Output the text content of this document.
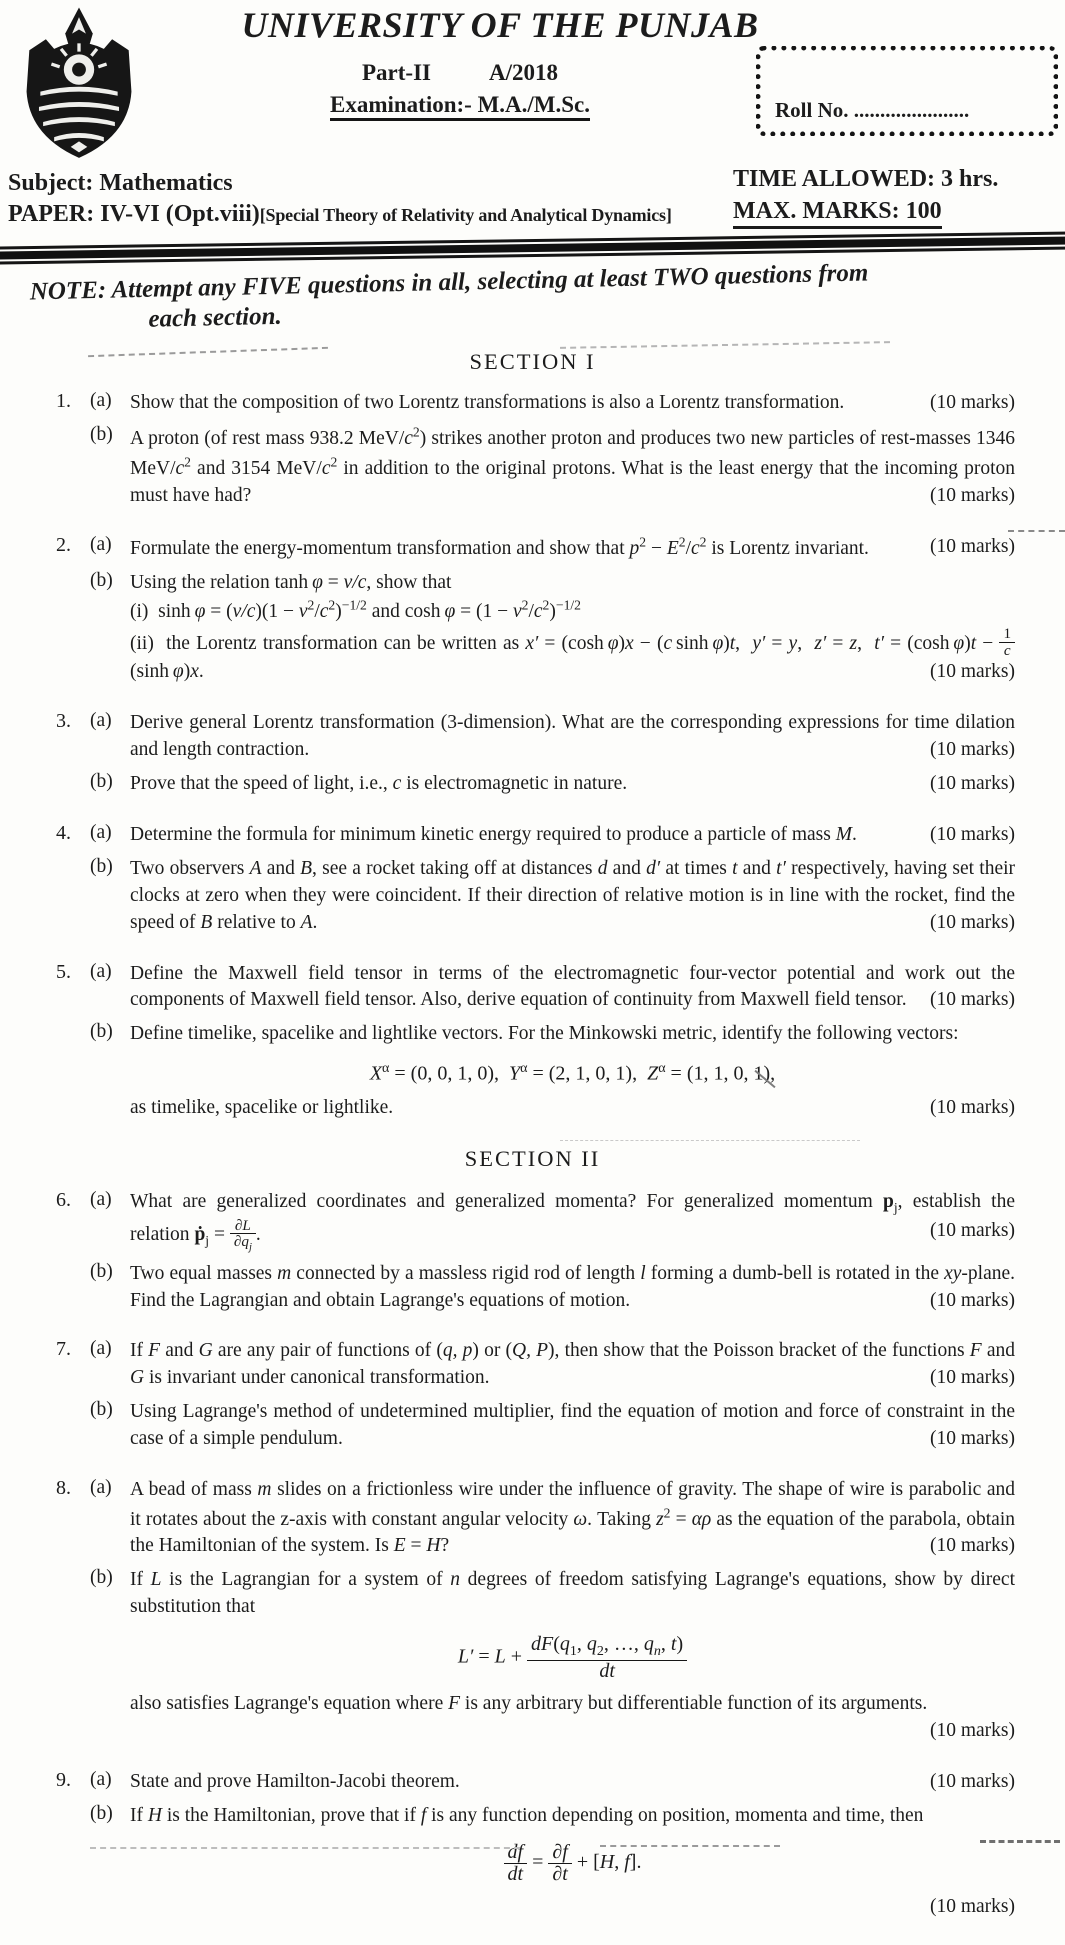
UNIVERSITY OF THE PUNJAB
Part-II	A/2018
Examination:- M.A./M.Sc.	Roll No. ......................
Subject: Mathematics
PAPER: IV-VI (Opt.viii)[Special Theory of Relativity and Analytical Dynamics]
TIME ALLOWED: 3 hrs.
MAX. MARKS: 100
NOTE: Attempt any FIVE questions in all, selecting at least TWO questions from
each section.
SECTION I
1. (a) Show that the composition of two Lorentz transformations is also a Lorentz transformation.	(10 marks)
(b) A proton (of rest mass 938.2 MeV/$c^2$) strikes another proton and produces two new particles of rest-masses 1346 MeV/$c^2$ and 3154 MeV/$c^2$ in addition to the original protons. What is the least energy that the incoming proton must have had?	(10 marks)
2. (a) Formulate the energy-momentum transformation and show that $p^2 - E^2/c^2$ is Lorentz invariant.	(10 marks)
(b) Using the relation tanh φ = v/c, show that
(i)  $\sinh \varphi = (v/c)(1 - v^2/c^2)^{-1/2}$ and $\cosh \varphi = (1 - v^2/c^2)^{-1/2}$
(ii)  the Lorentz transformation can be written as x′ = (cosh φ)x − (c sinh φ)t,  y′ = y,  z′ = z,  t′ = (cosh $\varphi)t - \frac{1}{c}$
(sinh φ)x.	(10 marks)
3. (a) Derive general Lorentz transformation (3-dimension). What are the corresponding expressions for time dilation and length contraction.	(10 marks)
(b) Prove that the speed of light, i.e., c is electromagnetic in nature.	(10 marks)
4. (a) Determine the formula for minimum kinetic energy required to produce a particle of mass M.	(10 marks)
(b) Two observers A and B, see a rocket taking off at distances d and d′ at times t and t′ respectively, having set their clocks at zero when they were coincident. If their direction of relative motion is in line with the rocket, find the speed of B relative to A.	(10 marks)
5. (a) Define the Maxwell field tensor in terms of the electromagnetic four-vector potential and work out the components of Maxwell field tensor. Also, derive equation of continuity from Maxwell field tensor.	(10 marks)
(b) Define timelike, spacelike and lightlike vectors. For the Minkowski metric, identify the following vectors:
$X^\alpha = (0$, 0, 1, 0),  $Y^\alpha = (2$, 1, 0, 1),  $Z^\alpha = (1$, 1, 0, 1),
as timelike, spacelike or lightlike.	(10 marks)
SECTION II
6. (a) What are generalized coordinates and generalized momenta? For generalized momentum $p_j$, establish the relation ṗ$_j$ = $\frac{\partial L}{\partial q_j}$ .	(10 marks)
(b) Two equal masses m connected by a massless rigid rod of length l forming a dumb-bell is rotated in the xy-plane. Find the Lagrangian and obtain Lagrange's equations of motion.	(10 marks)
7. (a) If F and G are any pair of functions of (q, p) or (Q, P), then show that the Poisson bracket of the functions F and G is invariant under canonical transformation.	(10 marks)
(b) Using Lagrange's method of undetermined multiplier, find the equation of motion and force of constraint in the case of a simple pendulum.	(10 marks)
8. (a) A bead of mass m slides on a frictionless wire under the influence of gravity. The shape of wire is parabolic and it rotates about the z-axis with constant angular velocity ω. Taking $z^2 = \alpha\rho$ as the equation of the parabola, obtain the Hamiltonian of the system. Is E = H?	(10 marks)
(b) If L is the Lagrangian for a system of n degrees of freedom satisfying Lagrange's equations, show by direct substitution that
$L' = L + \frac{dF(q_1, q_2, \dots, q_n, t)}{dt}$
also satisfies Lagrange's equation where F is any arbitrary but differentiable function of its arguments.
(10 marks)
9. (a) State and prove Hamilton-Jacobi theorem.	(10 marks)
(b) If H is the Hamiltonian, prove that if f is any function depending on position, momenta and time, then
$\frac{df}{dt} = \frac{\partial f}{\partial t} + [H$, f].
(10 marks)
